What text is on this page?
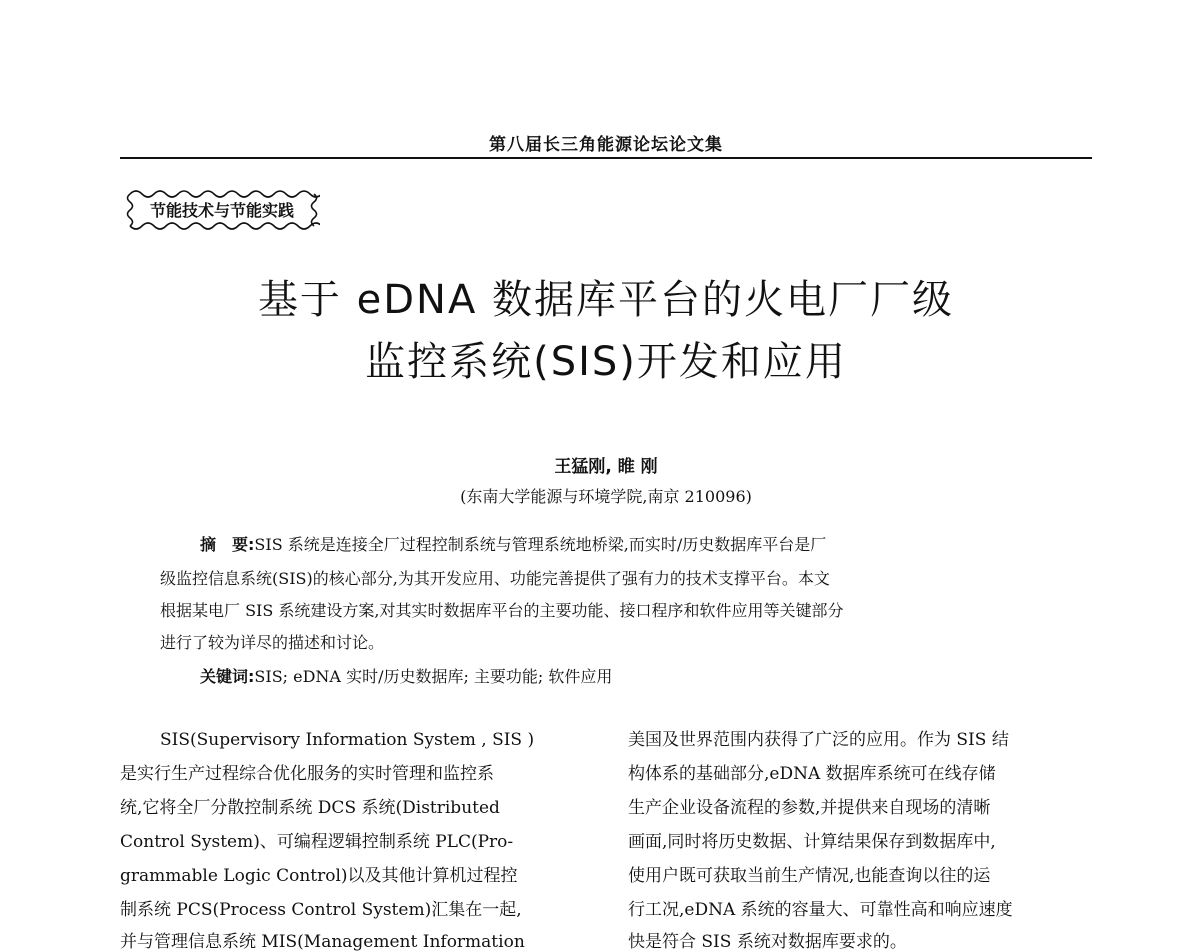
第八届长三角能源论坛论文集
节能技术与节能实践
基于 eDNA 数据库平台的火电厂厂级
监控系统(SIS)开发和应用
王猛刚, 睢 刚
(东南大学能源与环境学院,南京 210096)
摘　要:SIS 系统是连接全厂过程控制系统与管理系统地桥梁,而实时/历史数据库平台是厂
级监控信息系统(SIS)的核心部分,为其开发应用、功能完善提供了强有力的技术支撑平台。本文
根据某电厂 SIS 系统建设方案,对其实时数据库平台的主要功能、接口程序和软件应用等关键部分
进行了较为详尽的描述和讨论。
关键词:SIS; eDNA 实时/历史数据库; 主要功能; 软件应用
SIS(Supervisory Information System , SIS )
是实行生产过程综合优化服务的实时管理和监控系
统,它将全厂分散控制系统 DCS 系统(Distributed
Control System)、可编程逻辑控制系统 PLC(Pro-
grammable Logic Control)以及其他计算机过程控
制系统 PCS(Process Control System)汇集在一起,
并与管理信息系统 MIS(Management Information
美国及世界范围内获得了广泛的应用。作为 SIS 结
构体系的基础部分,eDNA 数据库系统可在线存储
生产企业设备流程的参数,并提供来自现场的清晰
画面,同时将历史数据、计算结果保存到数据库中,
使用户既可获取当前生产情况,也能查询以往的运
行工况,eDNA 系统的容量大、可靠性高和响应速度
快是符合 SIS 系统对数据库要求的。
